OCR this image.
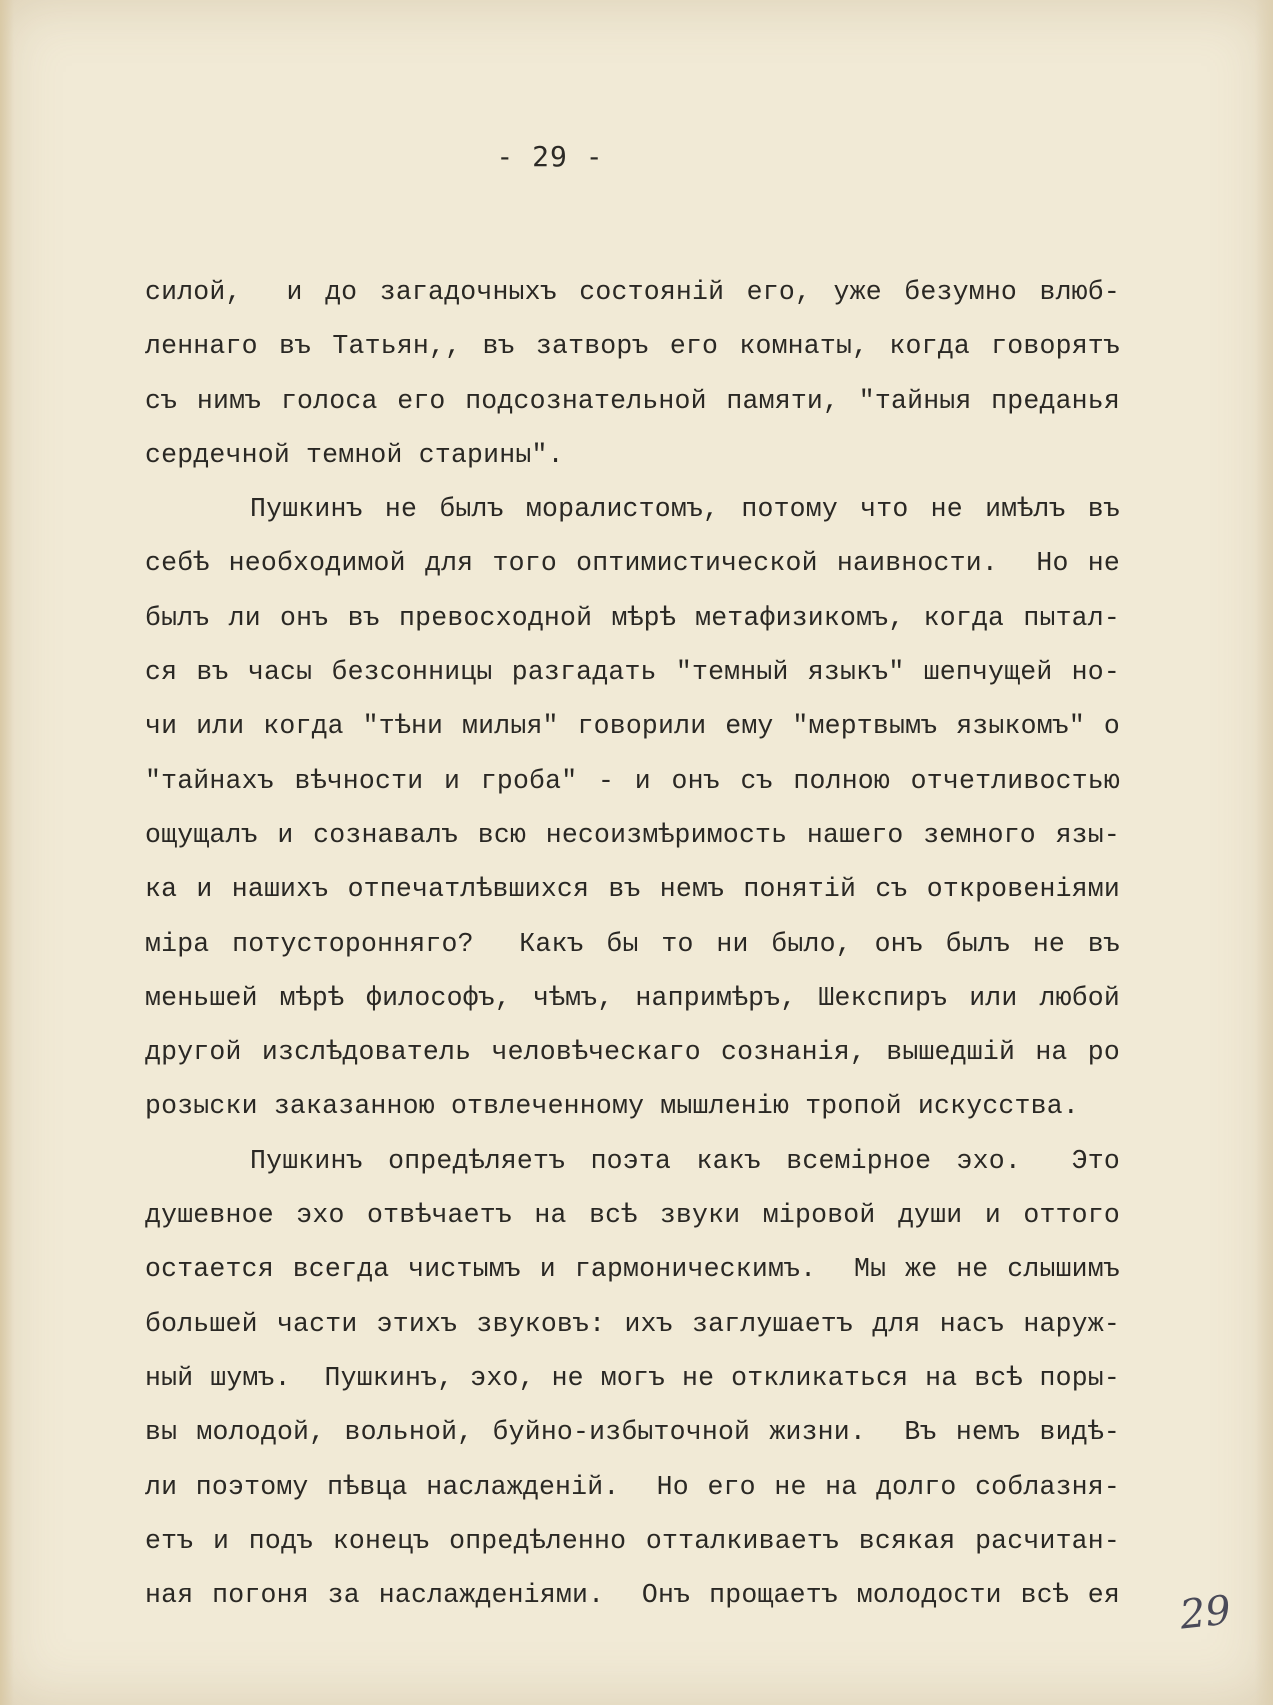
- 29 -
силой,  и до загадочныхъ состояній его, уже безумно влюб-
леннаго въ Татьян,, въ затворъ его комнаты, когда говорятъ
съ нимъ голоса его подсознательной памяти, "тайныя преданья
сердечной темной старины".
Пушкинъ не былъ моралистомъ, потому что не имѣлъ въ
себѣ необходимой для того оптимистической наивности.  Но не
былъ ли онъ въ превосходной мѣрѣ метафизикомъ, когда пытал-
ся въ часы безсонницы разгадать "темный языкъ" шепчущей но-
чи или когда "тѣни милыя" говорили ему "мертвымъ языкомъ" о
"тайнахъ вѣчности и гроба" - и онъ съ полною отчетливостью
ощущалъ и сознавалъ всю несоизмѣримость нашего земного язы-
ка и нашихъ отпечатлѣвшихся въ немъ понятій съ откровеніями
міра потусторонняго?  Какъ бы то ни было, онъ былъ не въ
меньшей мѣрѣ философъ, чѣмъ, напримѣръ, Шекспиръ или любой
другой изслѣдователь человѣческаго сознанія, вышедшій на ро
розыски заказанною отвлеченному мышленію тропой искусства.
Пушкинъ опредѣляетъ поэта какъ всемірное эхо.  Это
душевное эхо отвѣчаетъ на всѣ звуки міровой души и оттого
остается всегда чистымъ и гармоническимъ.  Мы же не слышимъ
большей части этихъ звуковъ: ихъ заглушаетъ для насъ наруж-
ный шумъ.  Пушкинъ, эхо, не могъ не откликаться на всѣ поры-
вы молодой, вольной, буйно-избыточной жизни.  Въ немъ видѣ-
ли поэтому пѣвца наслажденій.  Но его не на долго соблазня-
етъ и подъ конецъ опредѣленно отталкиваетъ всякая расчитан-
ная погоня за наслажденіями.  Онъ прощаетъ молодости всѣ ея 29
